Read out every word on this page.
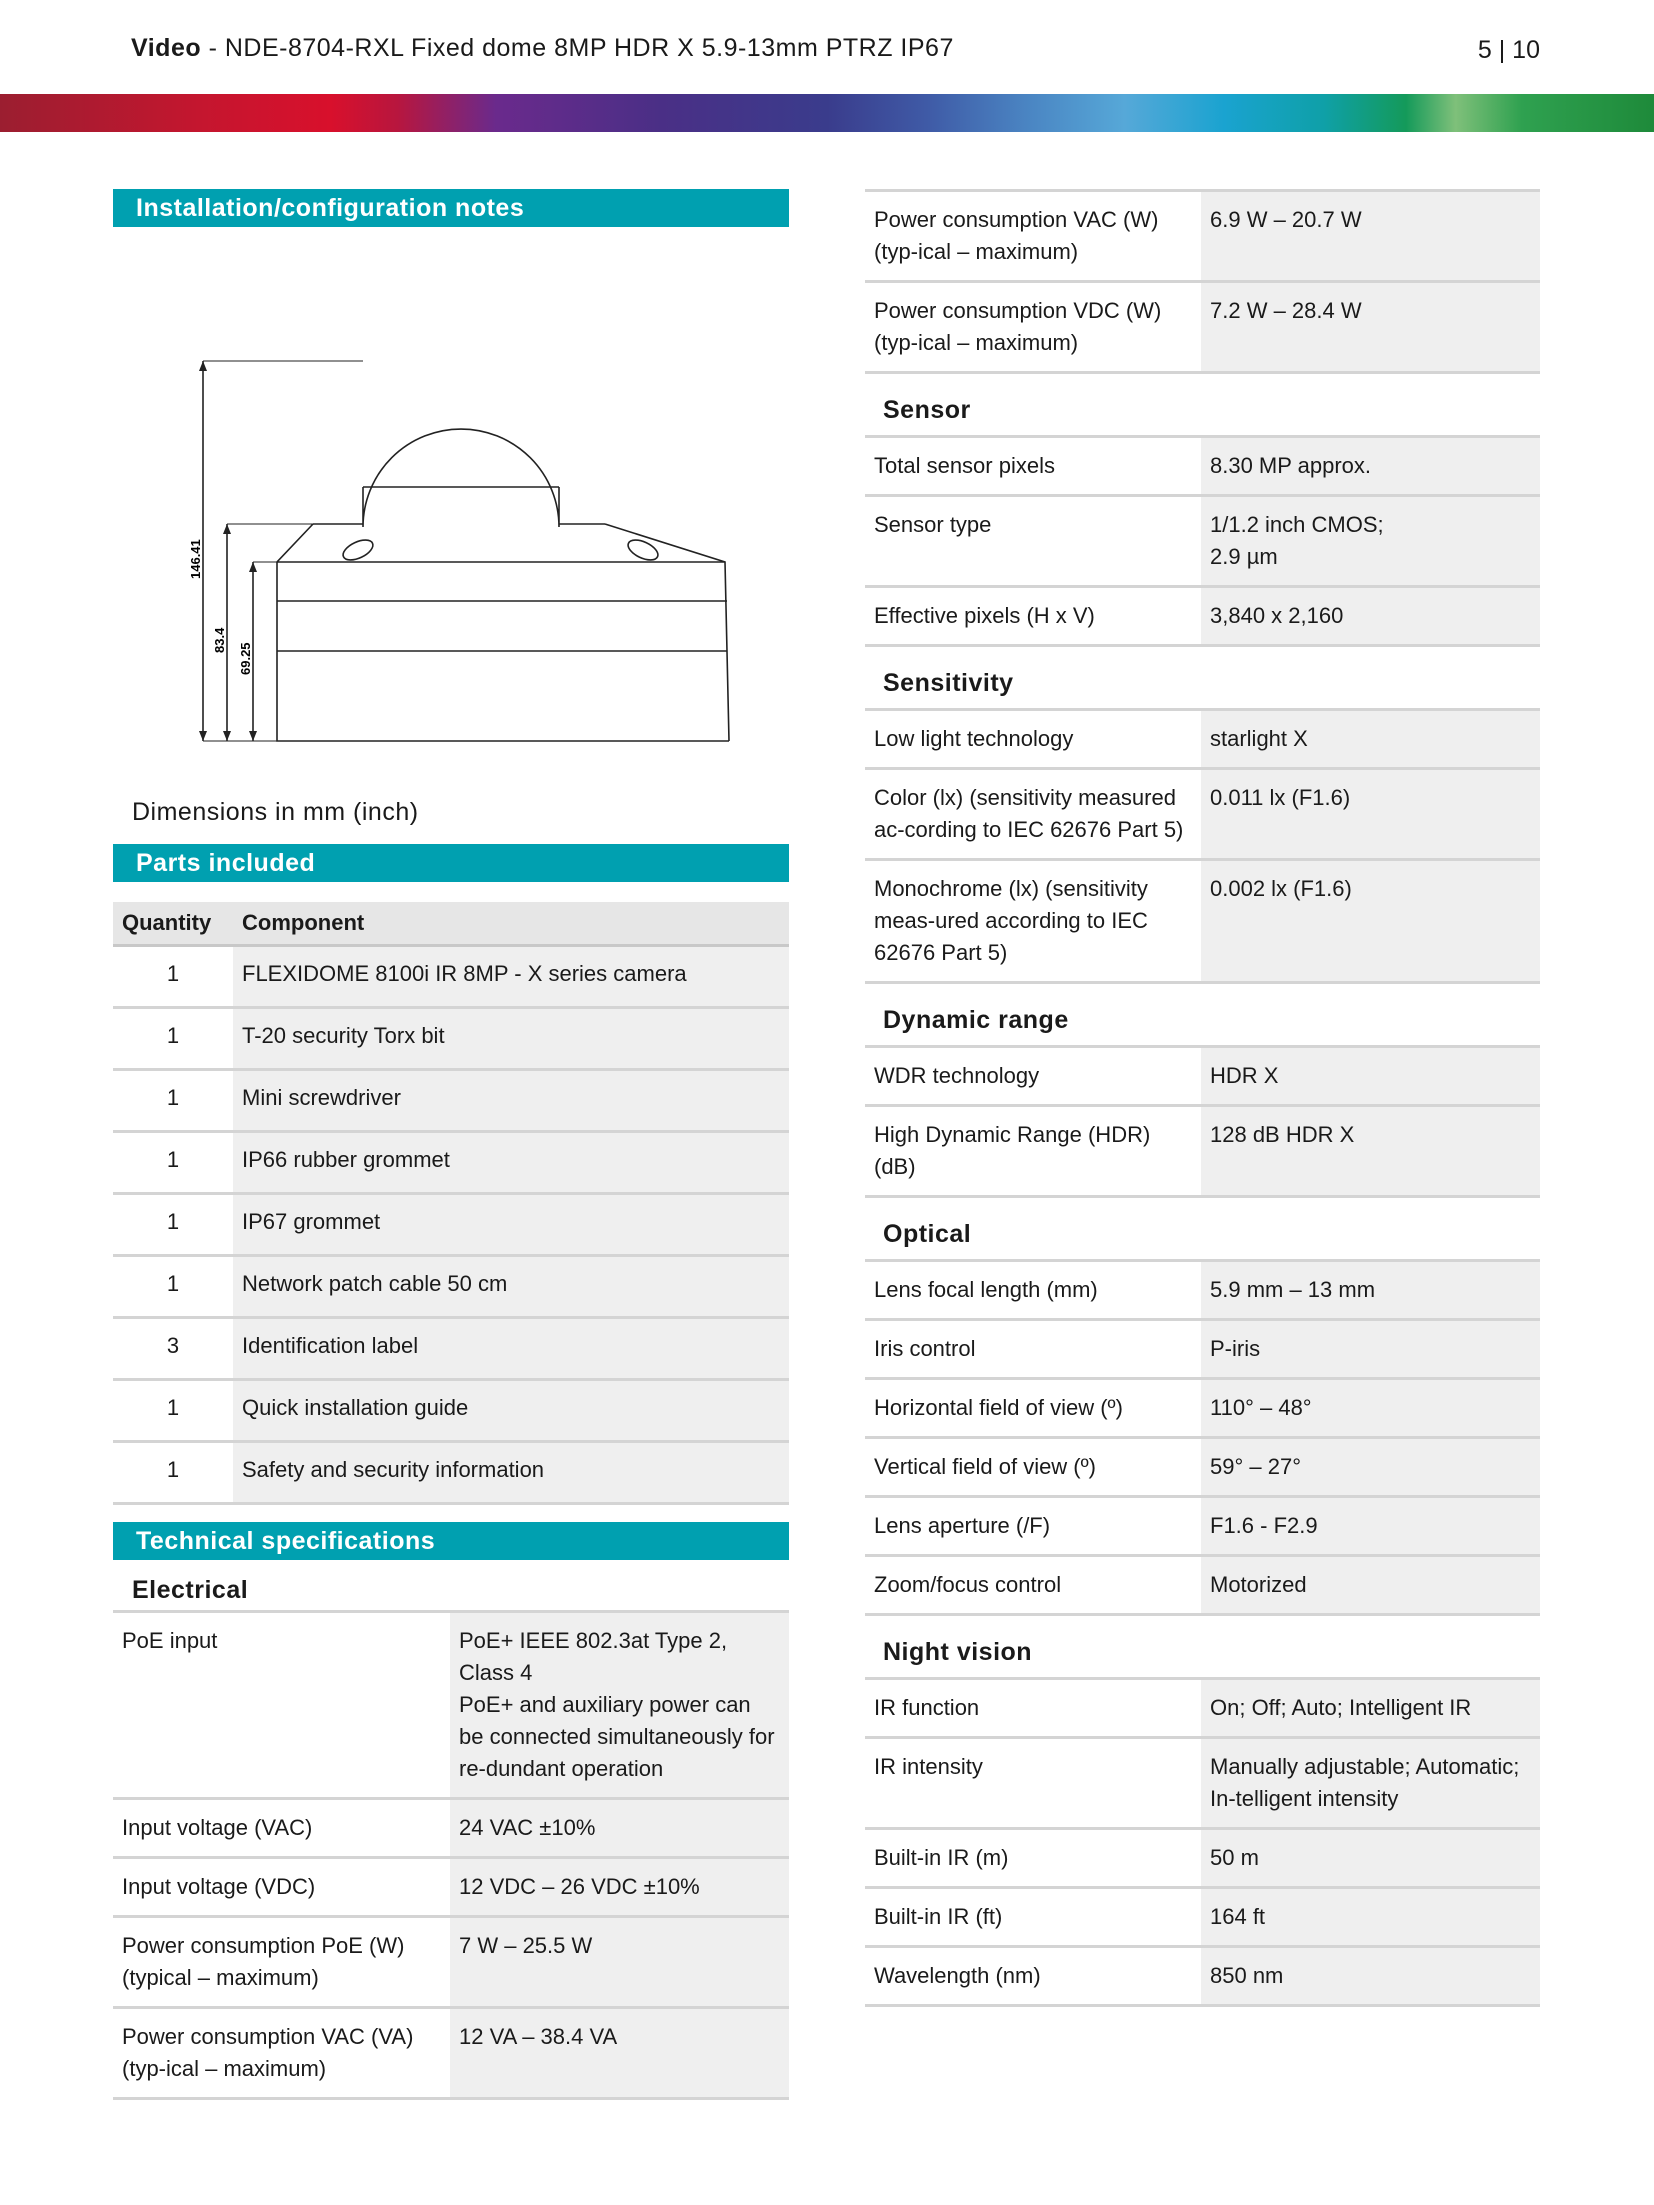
Video - NDE-8704-RXL Fixed dome 8MP HDR X 5.9-13mm PTRZ IP67	5 | 10
Installation/configuration notes
146.41
83.4
69.25
Dimensions in mm (inch)
Parts included
Quantity	Component
1	FLEXIDOME 8100i IR 8MP - X series camera
1	T-20 security Torx bit
1	Mini screwdriver
1	IP66 rubber grommet
1	IP67 grommet
1	Network patch cable 50 cm
3	Identification label
1	Quick installation guide
1	Safety and security information
Technical specifications
Electrical
PoE input	PoE+ IEEE 802.3at Type 2, Class 4
PoE+ and auxiliary power can be connected simultaneously for re-dundant operation
Input voltage (VAC)	24 VAC ±10%
Input voltage (VDC)	12 VDC – 26 VDC ±10%
Power consumption PoE (W) (typical – maximum)	7 W – 25.5 W
Power consumption VAC (VA) (typ-ical – maximum)	12 VA – 38.4 VA
Power consumption VAC (W) (typ-ical – maximum)	6.9 W – 20.7 W
Power consumption VDC (W) (typ-ical – maximum)	7.2 W – 28.4 W
Sensor
Total sensor pixels	8.30 MP approx.
Sensor type	1/1.2 inch CMOS;
2.9 µm
Effective pixels (H x V)	3,840 x 2,160
Sensitivity
Low light technology	starlight X
Color (lx) (sensitivity measured ac-cording to IEC 62676 Part 5)	0.011 lx (F1.6)
Monochrome (lx) (sensitivity meas-ured according to IEC 62676 Part 5)	0.002 lx (F1.6)
Dynamic range
WDR technology	HDR X
High Dynamic Range (HDR) (dB)	128 dB HDR X
Optical
Lens focal length (mm)	5.9 mm – 13 mm
Iris control	P-iris
Horizontal field of view (º)	110° – 48°
Vertical field of view (º)	59° – 27°
Lens aperture (/F)	F1.6 - F2.9
Zoom/focus control	Motorized
Night vision
IR function	On; Off; Auto; Intelligent IR
IR intensity	Manually adjustable; Automatic; In-telligent intensity
Built-in IR (m)	50 m
Built-in IR (ft)	164 ft
Wavelength (nm)	850 nm
